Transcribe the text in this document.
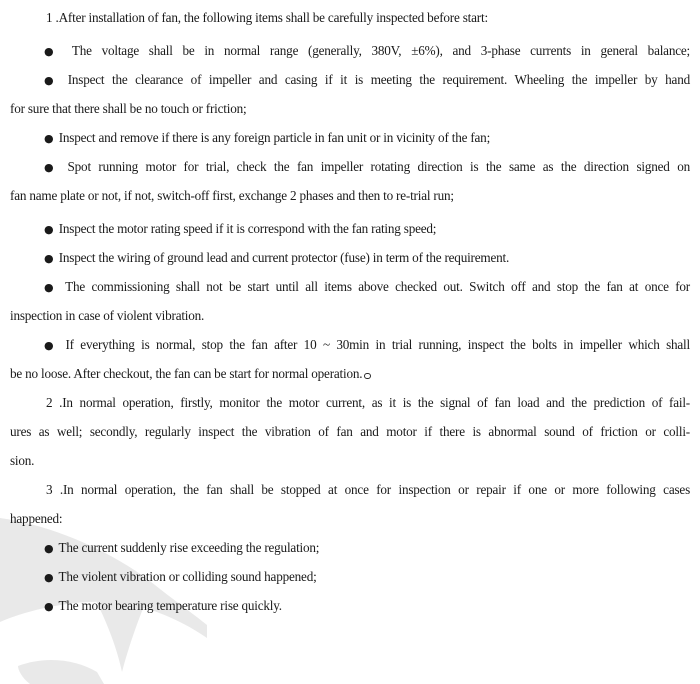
1 .After installation of fan, the following items shall be carefully inspected before start:
● The voltage shall be in normal range (generally, 380V, ±6%), and 3-phase currents in general balance;
● Inspect the clearance of impeller and casing if it is meeting the requirement. Wheeling the impeller by hand
for sure that there shall be no touch or friction;
● Inspect and remove if there is any foreign particle in fan unit or in vicinity of the fan;
● Spot running motor for trial, check the fan impeller rotating direction is the same as the direction signed on
fan name plate or not, if not, switch-off first, exchange 2 phases and then to re-trial run;
● Inspect the motor rating speed if it is correspond with the fan rating speed;
● Inspect the wiring of ground lead and current protector (fuse) in term of the requirement.
● The commissioning shall not be start until all items above checked out. Switch off and stop the fan at once for
inspection in case of violent vibration.
● If everything is normal, stop the fan after 10 ~ 30min in trial running, inspect the bolts in impeller which shall
be no loose. After checkout, the fan can be start for normal operation.
2 .In normal operation, firstly, monitor the motor current, as it is the signal of fan load and the prediction of fail-
ures as well; secondly, regularly inspect the vibration of fan and motor if there is abnormal sound of friction or colli-
sion.
3 .In normal operation, the fan shall be stopped at once for inspection or repair if one or more following cases
happened:
● The current suddenly rise exceeding the regulation;
● The violent vibration or colliding sound happened;
● The motor bearing temperature rise quickly.
